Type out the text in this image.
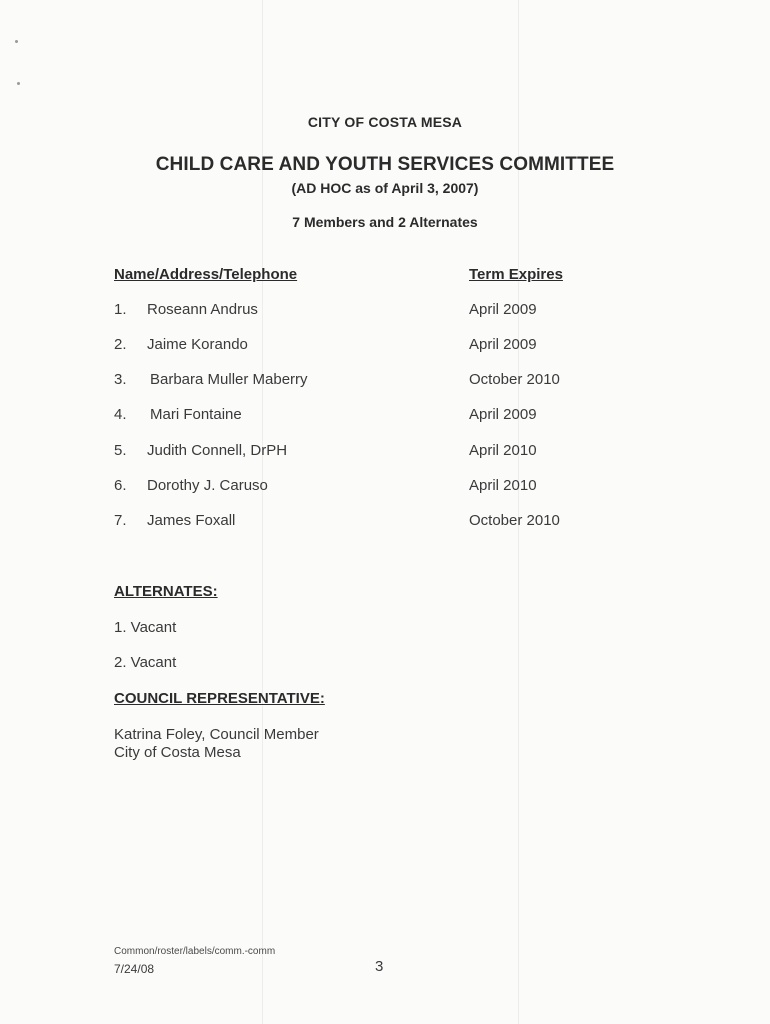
CITY OF COSTA MESA
CHILD CARE AND YOUTH SERVICES COMMITTEE
(AD HOC as of April 3, 2007)
7 Members and 2 Alternates
Name/Address/Telephone	Term Expires
1. Roseann Andrus	April 2009
2. Jaime Korando	April 2009
3. Barbara Muller Maberry	October 2010
4. Mari Fontaine	April 2009
5. Judith Connell, DrPH	April 2010
6. Dorothy J. Caruso	April 2010
7. James Foxall	October 2010
ALTERNATES:
1. Vacant
2. Vacant
COUNCIL REPRESENTATIVE:
Katrina Foley, Council Member
City of Costa Mesa
Common/roster/labels/comm.-comm
7/24/08	3
